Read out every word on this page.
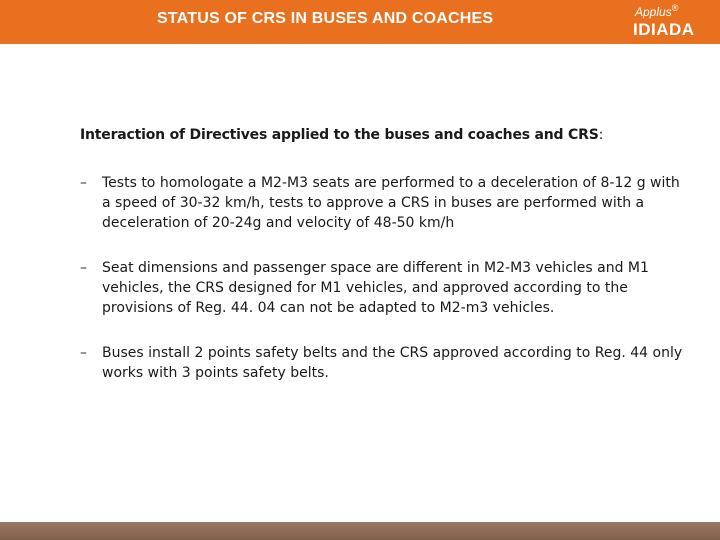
STATUS OF CRS IN BUSES AND COACHES	Applus®
IDIADA
Interaction of Directives applied to the buses and coaches and CRS:
–	Tests to homologate a M2-M3 seats are performed to a deceleration of 8-12 g with a speed of 30-32 km/h, tests to approve a CRS in buses are performed with a deceleration of 20-24g and velocity of 48-50 km/h
–	Seat dimensions and passenger space are different in M2-M3 vehicles and M1 vehicles, the CRS designed for M1 vehicles, and approved according to the provisions of Reg. 44. 04 can not be adapted to M2-m3 vehicles.
–	Buses install 2 points safety belts and the CRS approved according to Reg. 44 only works with 3 points safety belts.
